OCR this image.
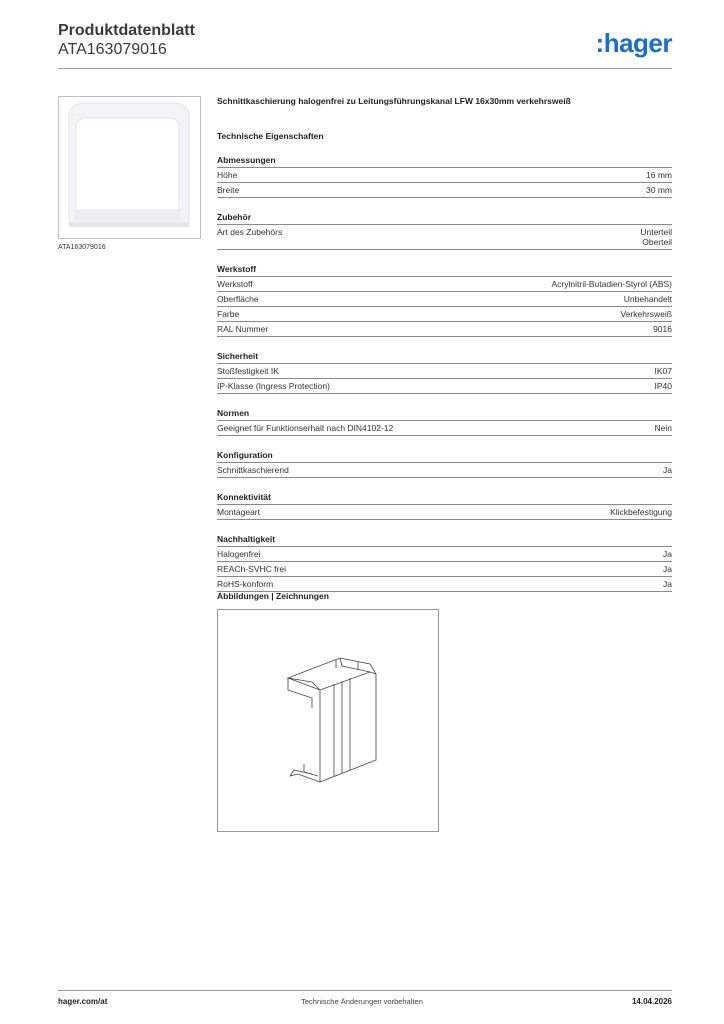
Produktdatenblatt
ATA163079016	:hager
ATA163079016
Schnittkaschierung halogenfrei zu Leitungsführungskanal LFW 16x30mm verkehrsweiß
Technische Eigenschaften
Abmessungen
Höhe	16 mm
Breite	30 mm
Zubehör
Art des Zubehörs	Unterteil
Oberteil
Werkstoff
Werkstoff	Acrylnitril-Butadien-Styrol (ABS)
Oberfläche	Unbehandelt
Farbe	Verkehrsweiß
RAL Nummer	9016
Sicherheit
Stoßfestigkeit IK	IK07
IP-Klasse (Ingress Protection)	IP40
Normen
Geeignet für Funktionserhalt nach DIN4102-12	Nein
Konfiguration
Schnittkaschierend	Ja
Konnektivität
Montageart	Klickbefestigung
Nachhaltigkeit
Halogenfrei	Ja
REACh-SVHC frei	Ja
RoHS-konform	Ja
Abbildungen | Zeichnungen
hager.com/at	Technische Änderungen vorbehalten	14.04.2026
